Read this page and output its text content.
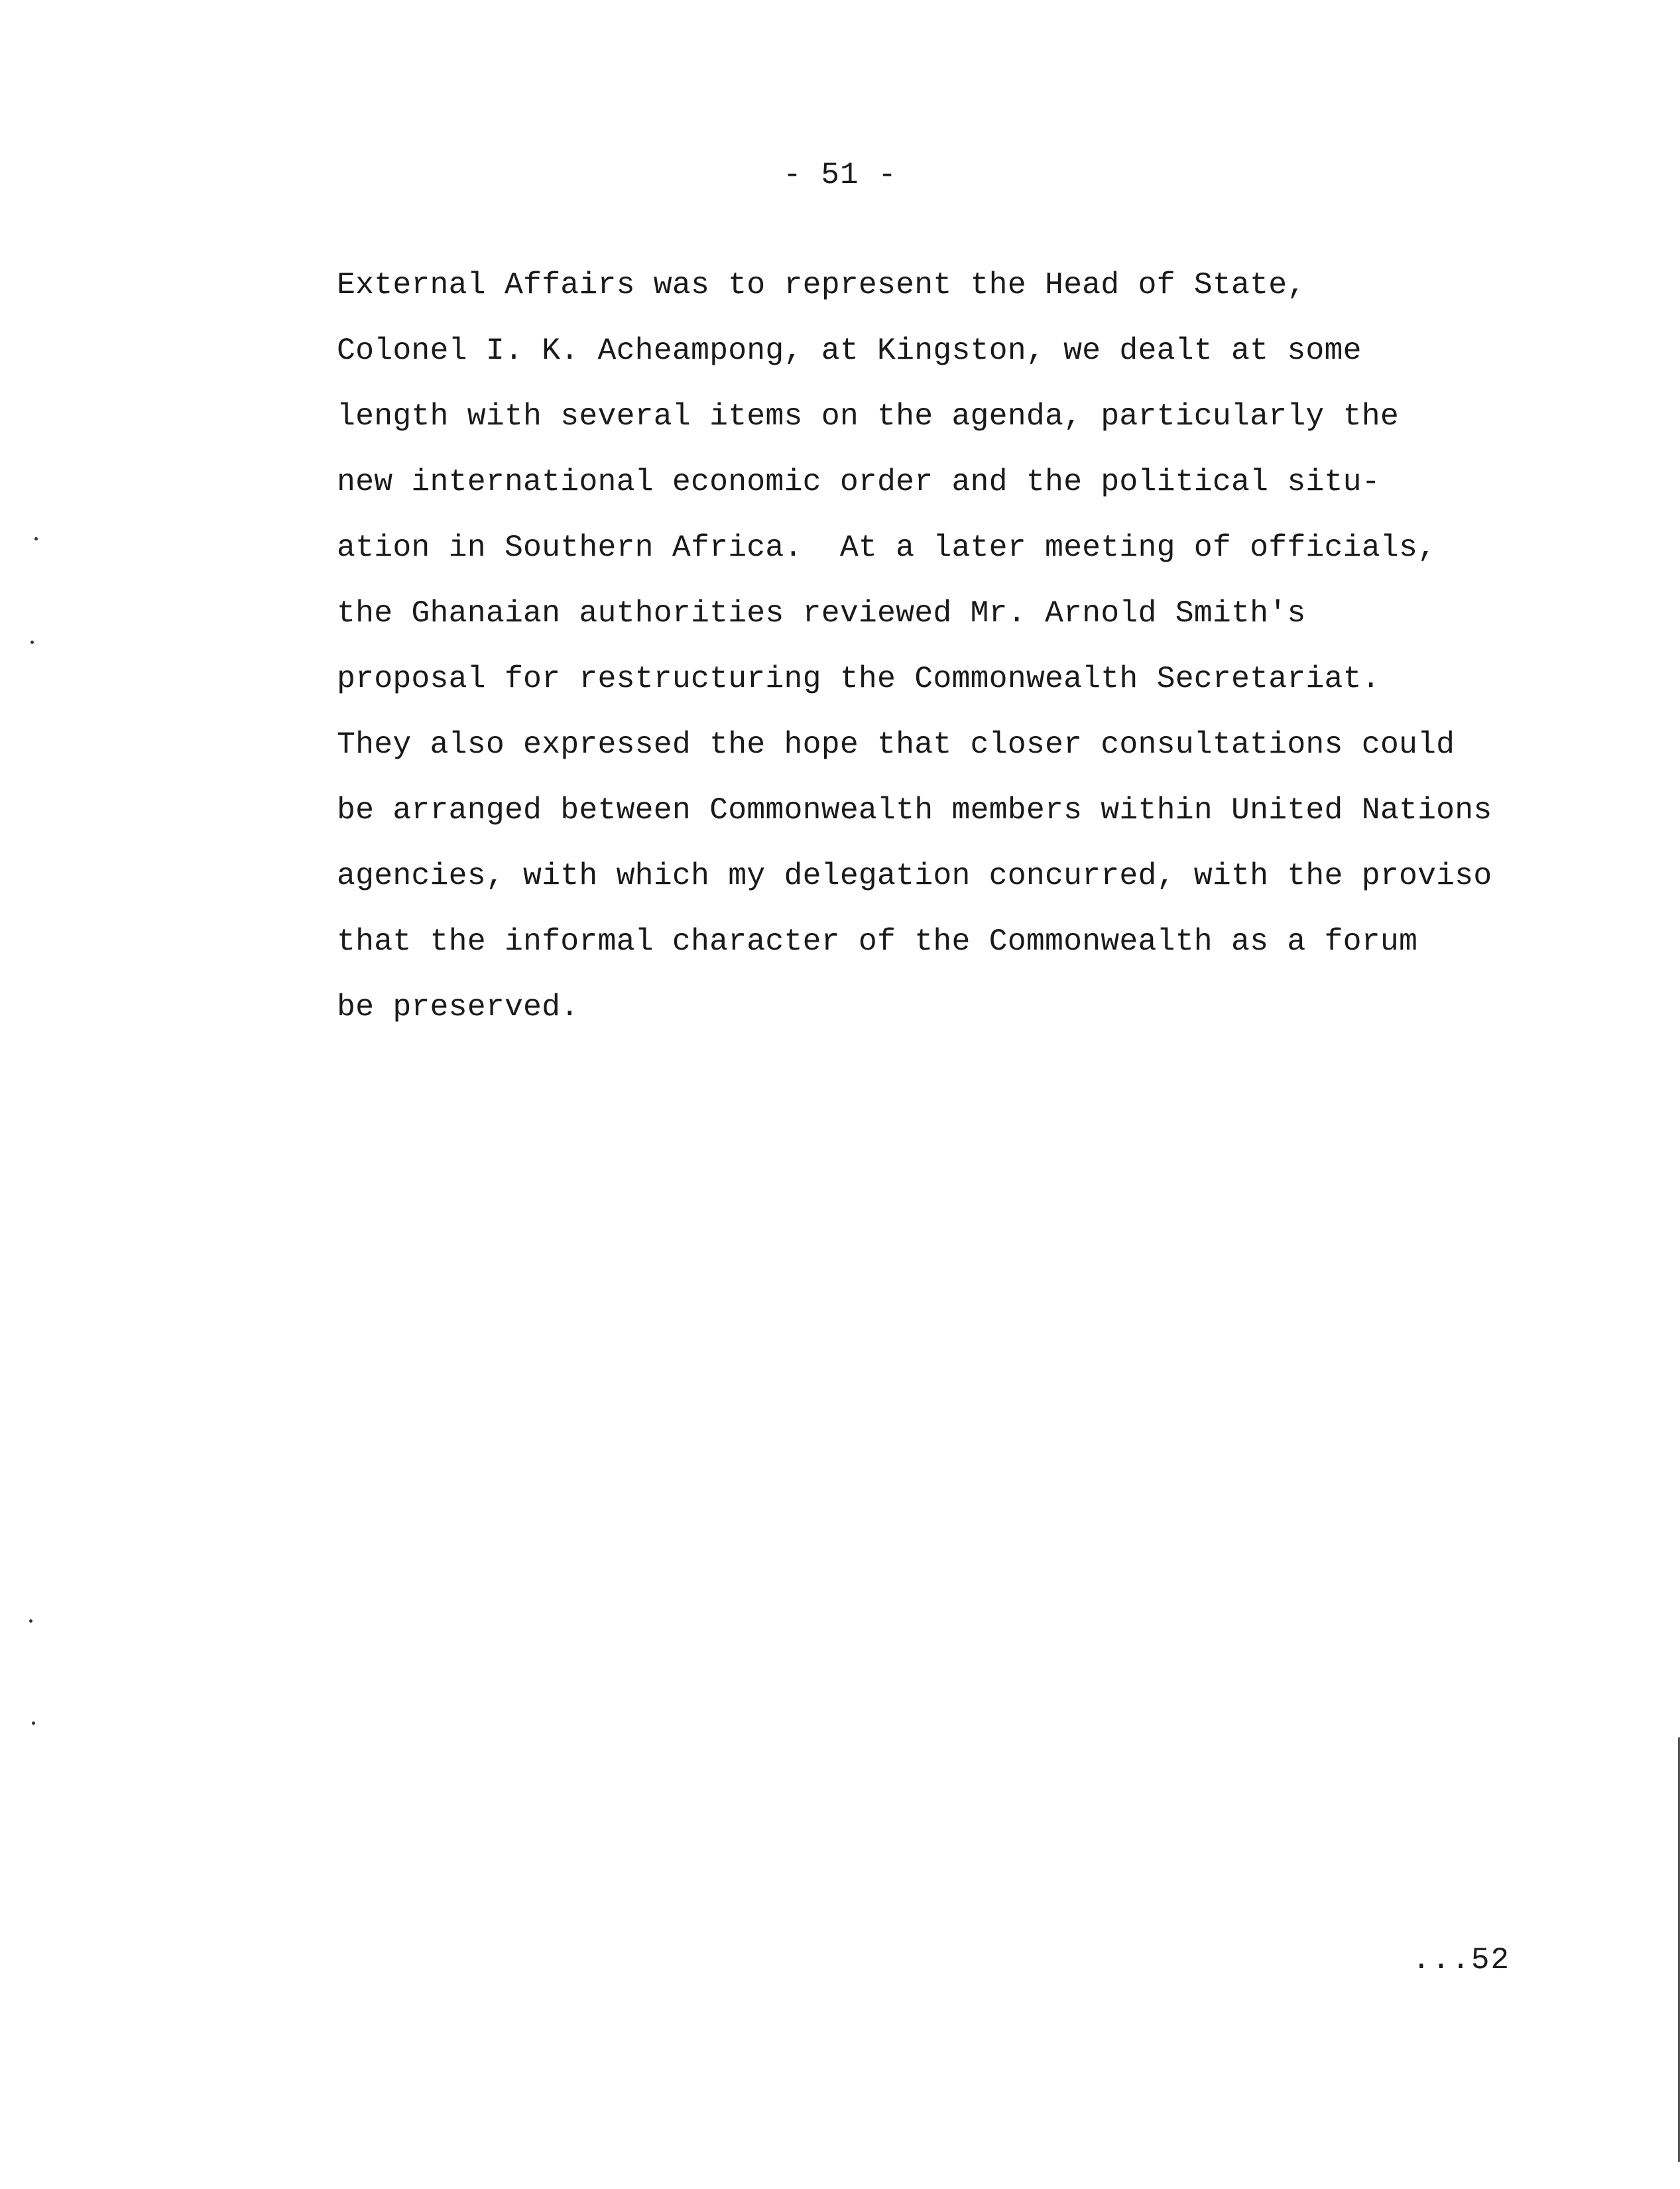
- 51 -
External Affairs was to represent the Head of State,
Colonel I. K. Acheampong, at Kingston, we dealt at some
length with several items on the agenda, particularly the
new international economic order and the political situ-
ation in Southern Africa.  At a later meeting of officials,
the Ghanaian authorities reviewed Mr. Arnold Smith's
proposal for restructuring the Commonwealth Secretariat.
They also expressed the hope that closer consultations could
be arranged between Commonwealth members within United Nations
agencies, with which my delegation concurred, with the proviso
that the informal character of the Commonwealth as a forum
be preserved.
...52
